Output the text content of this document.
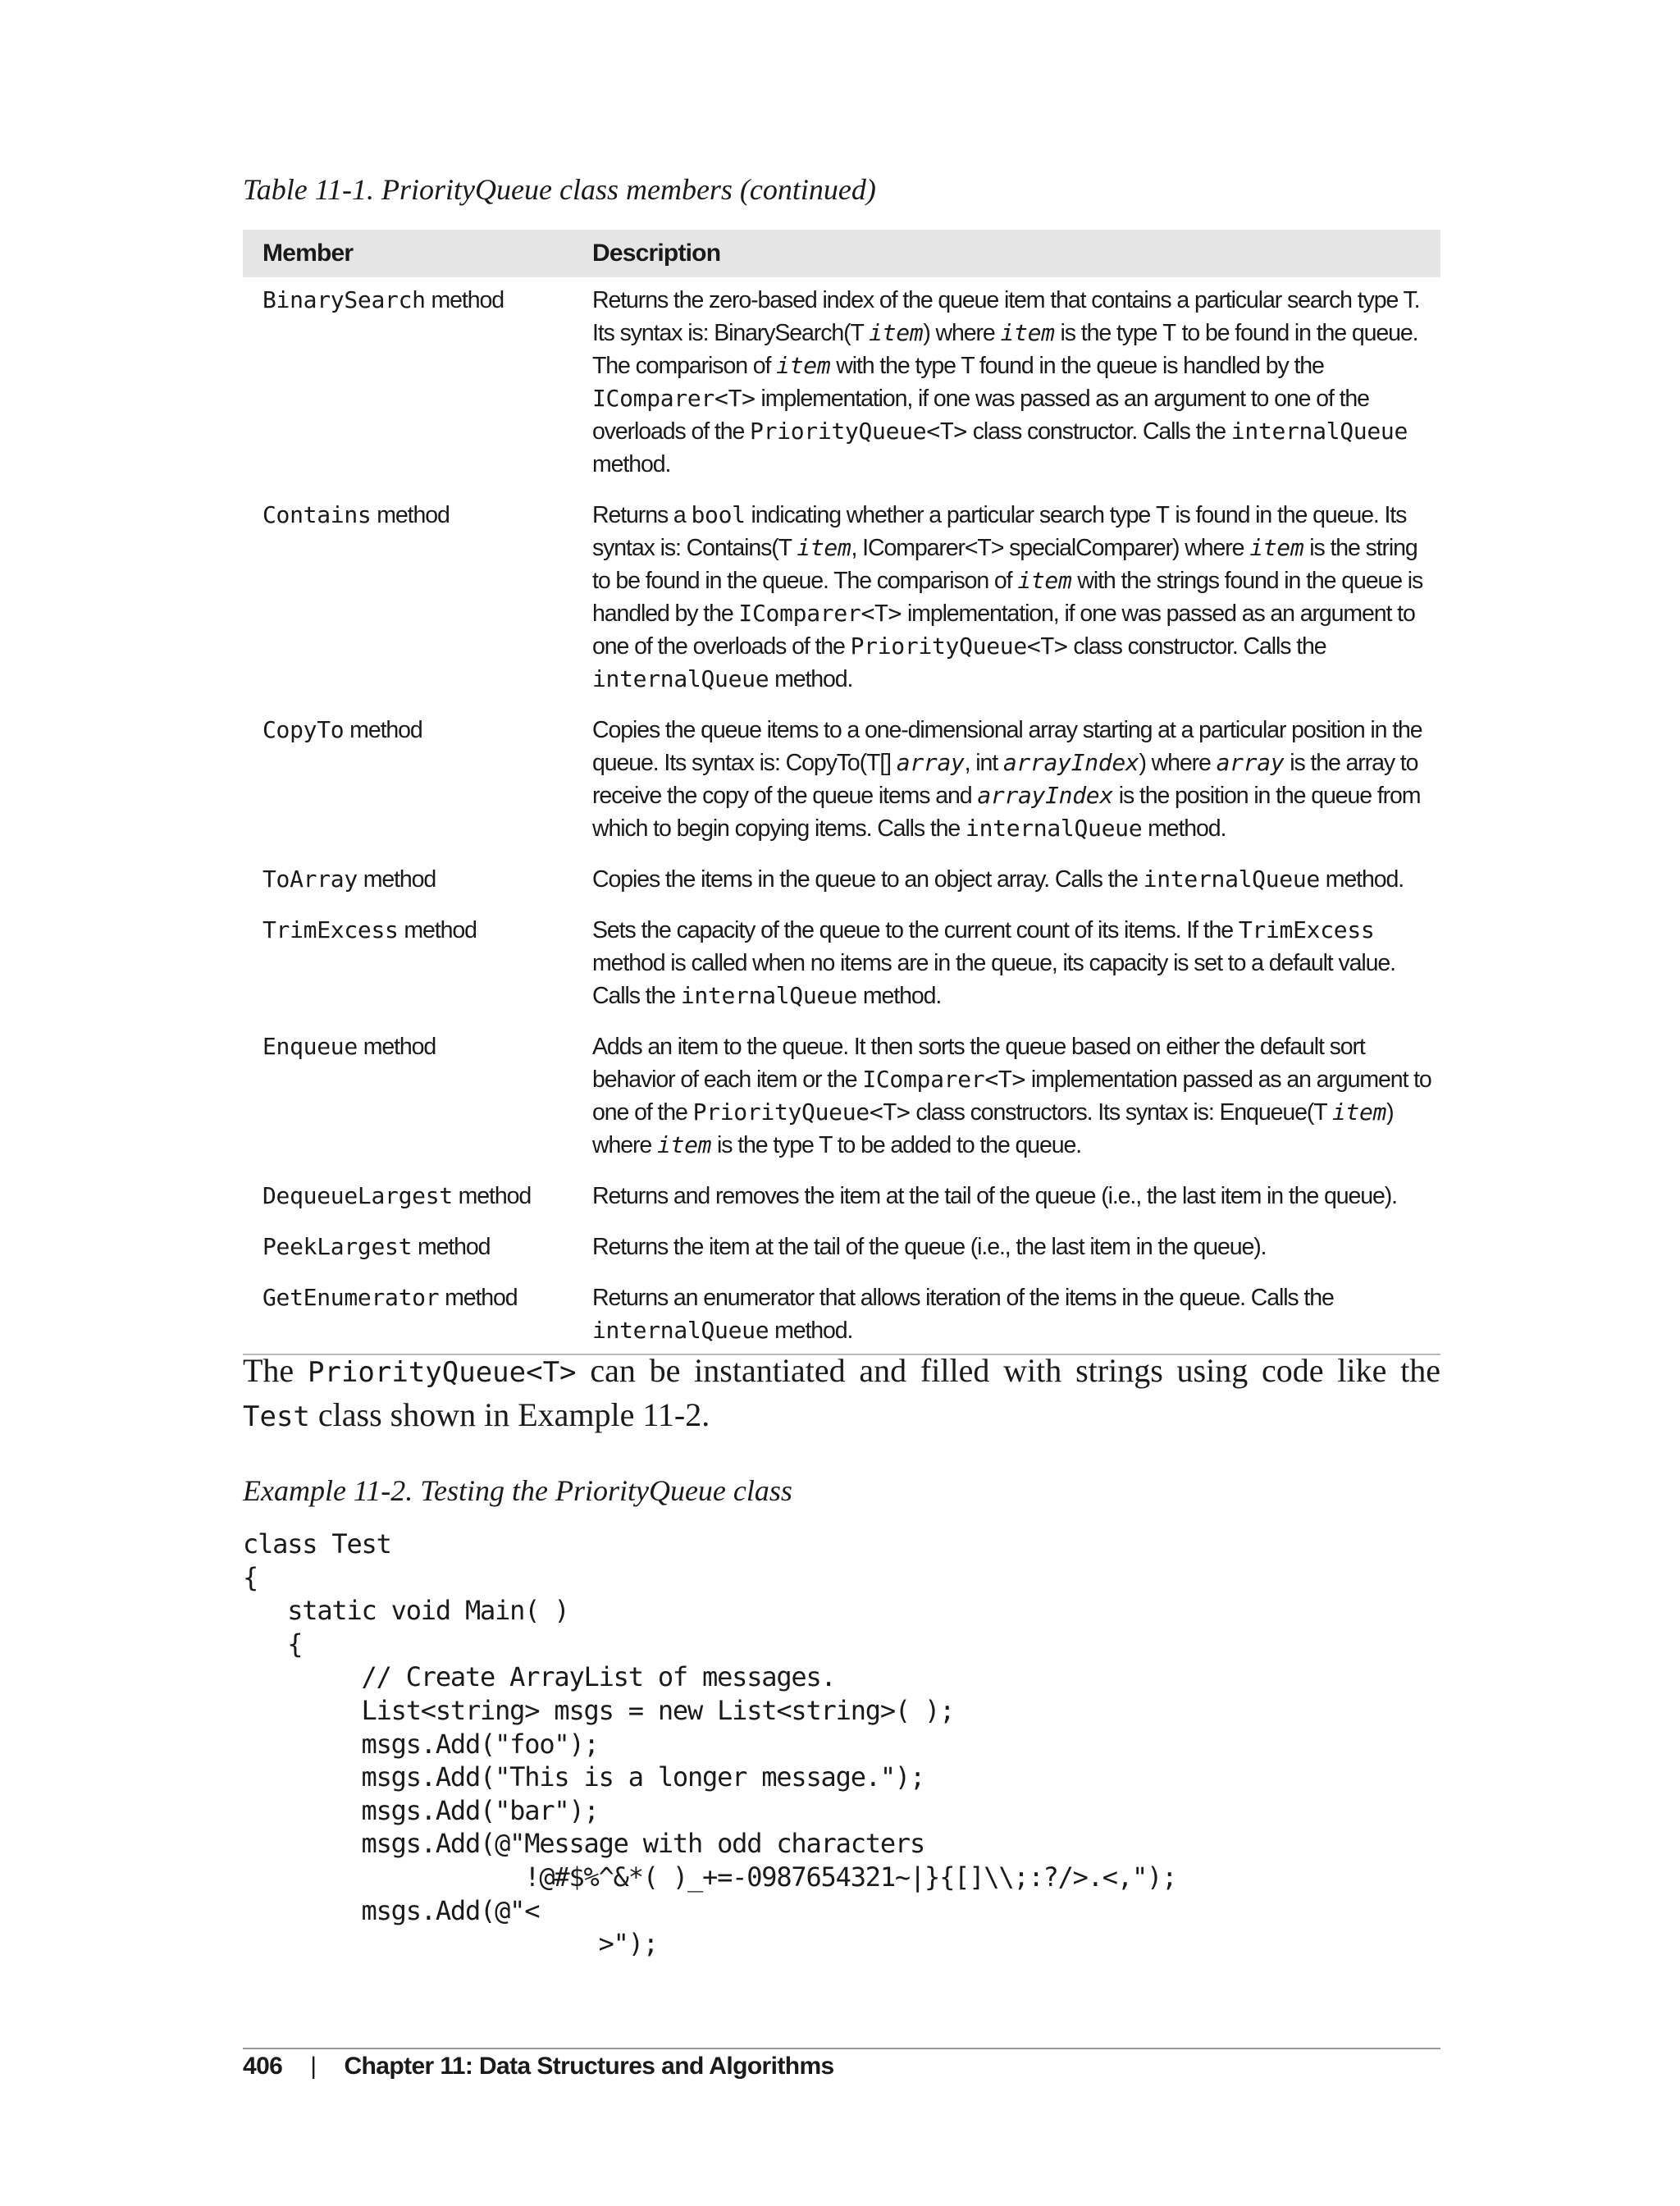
Table 11-1. PriorityQueue class members (continued)
Member	Description
BinarySearch method	Returns the zero-based index of the queue item that contains a particular search type T. Its syntax is: BinarySearch(T item) where item is the type T to be found in the queue. The comparison of item with the type T found in the queue is handled by the IComparer<T> implementation, if one was passed as an argument to one of the overloads of the PriorityQueue<T> class constructor. Calls the internalQueue method.
Contains method	Returns a bool indicating whether a particular search type T is found in the queue. Its syntax is: Contains(T item, IComparer<T> specialComparer) where item is the string to be found in the queue. The comparison of item with the strings found in the queue is handled by the IComparer<T> implementation, if one was passed as an argument to one of the overloads of the PriorityQueue<T> class constructor. Calls the internalQueue method.
CopyTo method	Copies the queue items to a one-dimensional array starting at a particular position in the queue. Its syntax is: CopyTo(T[] array, int arrayIndex) where array is the array to receive the copy of the queue items and arrayIndex is the position in the queue from which to begin copying items. Calls the internalQueue method.
ToArray method	Copies the items in the queue to an object array. Calls the internalQueue method.
TrimExcess method	Sets the capacity of the queue to the current count of its items. If the TrimExcess method is called when no items are in the queue, its capacity is set to a default value. Calls the internalQueue method.
Enqueue method	Adds an item to the queue. It then sorts the queue based on either the default sort behavior of each item or the IComparer<T> implementation passed as an argument to one of the PriorityQueue<T> class constructors. Its syntax is: Enqueue(T item) where item is the type T to be added to the queue.
DequeueLargest method	Returns and removes the item at the tail of the queue (i.e., the last item in the queue).
PeekLargest method	Returns the item at the tail of the queue (i.e., the last item in the queue).
GetEnumerator method	Returns an enumerator that allows iteration of the items in the queue. Calls the internalQueue method.
The PriorityQueue<T> can be instantiated and filled with strings using code like the Test class shown in Example 11-2.
Example 11-2. Testing the PriorityQueue class
class Test
{
static void Main( )
{
// Create ArrayList of messages.
List<string> msgs = new List<string>( );
msgs.Add("foo");
msgs.Add("This is a longer message.");
msgs.Add("bar");
msgs.Add(@"Message with odd characters
!@#$%^&*( )_+=-0987654321~|}{[]\\;:?/>.<,");
msgs.Add(@"<
>");
406 | Chapter 11: Data Structures and Algorithms
